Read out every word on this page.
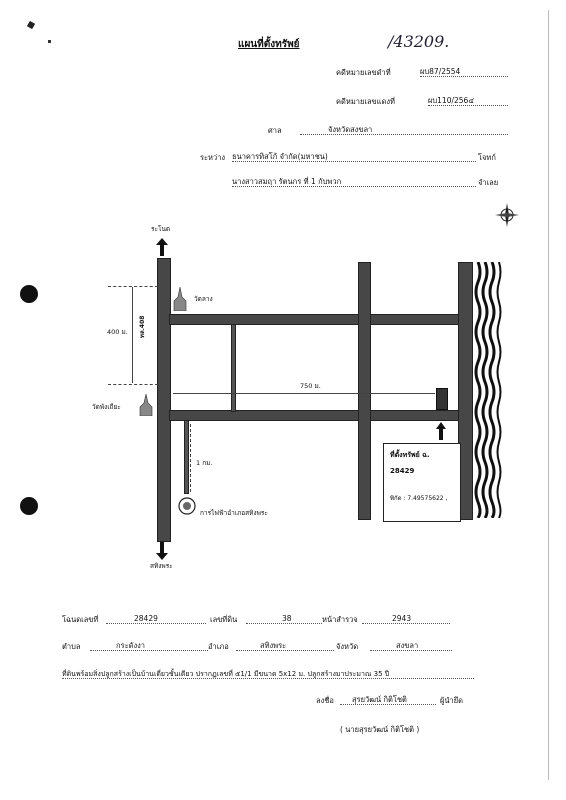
/43209.
แผนที่ตั้งทรัพย์
คดีหมายเลขดำที่	ผบ87/2554
คดีหมายเลขแดงที่	ผบ110/256๔
ศาล	จังหวัดสงขลา
ระหว่าง ธนาคารทิสโก้ จำกัด(มหาชน)	โจทก์
นางสาวสมฤา รัตนกร ที่ 1 กับพวก	จำเลย
ระโนด
สทิงพระ
400 ม.
750 ม.
1 กม.
ทล.408
วัดลาง
วัดพังเถียะ
การไฟฟ้าอำเภอสทิงพระ
ที่ตั้งทรัพย์ ฉ.
28429
พิกัด : 7.49575622 ,
โฉนดเลขที่	28429	เลขที่ดิน	38	หน้าสำรวจ	2943
ตำบล	กระดังงา	อำเภอ	สทิงพระ	จังหวัด	สงขลา
ที่ดินพร้อมสิ่งปลูกสร้างเป็นบ้านเดี่ยวชั้นเดียว ปรากฏเลขที่ ๕1/1 มีขนาด 5x12 ม. ปลูกสร้างมาประมาณ 35 ปี
ลงชื่อ	สุรยวัฒน์ กิติโชติ	ผู้นำยึด
( นายสุรยวัฒน์ กิติโชติ )
